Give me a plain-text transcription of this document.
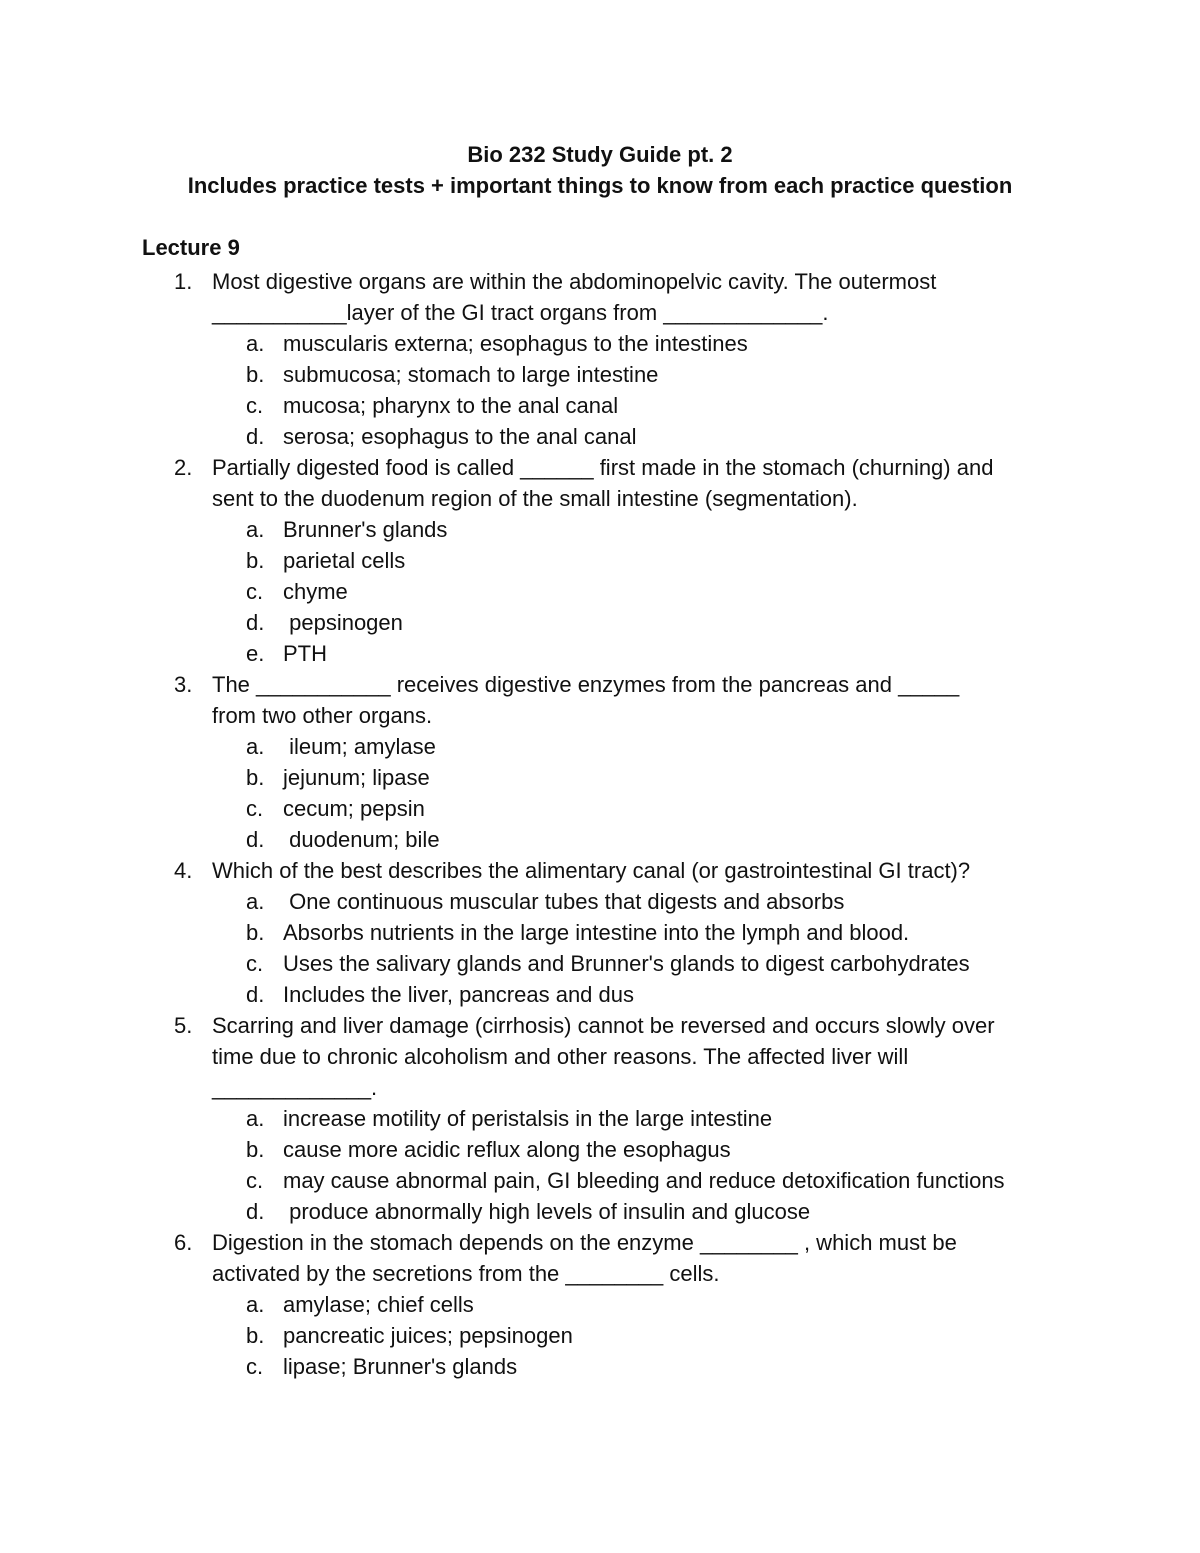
Bio 232 Study Guide pt. 2
Includes practice tests + important things to know from each practice question
Lecture 9
1. Most digestive organs are within the abdominopelvic cavity. The outermost
___________layer of the GI tract organs from _____________.
a. muscularis externa; esophagus to the intestines
b. submucosa; stomach to large intestine
c. mucosa; pharynx to the anal canal
d. serosa; esophagus to the anal canal
2. Partially digested food is called ______ first made in the stomach (churning) and
sent to the duodenum region of the small intestine (segmentation).
a. Brunner's glands
b. parietal cells
c. chyme
d. pepsinogen
e. PTH
3. The ___________ receives digestive enzymes from the pancreas and _____
from two other organs.
a. ileum; amylase
b. jejunum; lipase
c. cecum; pepsin
d. duodenum; bile
4. Which of the best describes the alimentary canal (or gastrointestinal GI tract)?
a. One continuous muscular tubes that digests and absorbs
b. Absorbs nutrients in the large intestine into the lymph and blood.
c. Uses the salivary glands and Brunner's glands to digest carbohydrates
d. Includes the liver, pancreas and dus
5. Scarring and liver damage (cirrhosis) cannot be reversed and occurs slowly over
time due to chronic alcoholism and other reasons. The affected liver will
_____________.
a. increase motility of peristalsis in the large intestine
b. cause more acidic reflux along the esophagus
c. may cause abnormal pain, GI bleeding and reduce detoxification functions
d. produce abnormally high levels of insulin and glucose
6. Digestion in the stomach depends on the enzyme ________ , which must be
activated by the secretions from the ________ cells.
a. amylase; chief cells
b. pancreatic juices; pepsinogen
c. lipase; Brunner's glands
